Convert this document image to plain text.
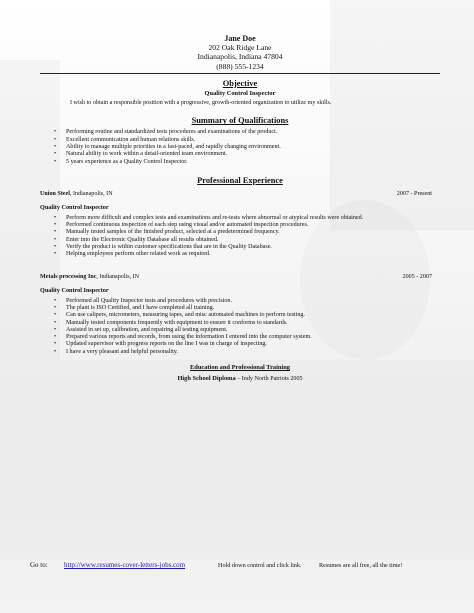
Jane Doe
202 Oak Ridge Lane
Indianapolis, Indiana 47804
(888) 555-1234
Objective
Quality Control Inspector
I wish to obtain a responsible position with a progressive, growth-oriented organization to utilize my skills.
Summary of Qualifications
• Performing routine and standardized tests procedures and examinations of the product.
• Excellent communication and human relations skills.
• Ability to manage multiple priorities in a fast-paced, and rapidly changing environment.
• Natural ability to work within a detail-oriented team environment.
• 5 years experience as a Quality Control Inspector.
Professional Experience
Union Steel, Indianapolis, IN	2007 - Present
Quality Control Inspector
• Perform more difficult and complex tests and examinations and re-tests where abnormal or atypical results were obtained.
• Performed continuous inspection of each step using visual and/or automated inspection procedures.
• Manually tested samples of the finished product, selected at a predetermined frequency.
• Enter into the Electronic Quality Database all results obtained.
• Verify the product is within customer specifications that are in the Quality Database.
• Helping employees perform other related work as required.
Metals processing Inc, Indianapolis, IN	2005 - 2007
Quality Control Inspector
• Performed all Quality Inspector tests and procedures with precision.
• The plant is ISO Certified, and I have completed all training.
• Can use calipers, micrometers, measuring tapes, and misc automated machines to perform testing.
• Manually tested components frequently with equipment to ensure it conforms to standards.
• Assisted in set up, calibration, and repairing all testing equipment.
• Prepared various reports and records, from using the information I entered into the computer system.
• Updated supervisor with progress reports on the line I was in charge of inspecting.
• I have a very pleasant and helpful personality.
Education and Professional Training
High School Diploma – Indy North Patriots 2005
Go to: http://www.resumes-cover-letters-jobs.com	Hold down control and click link.	Resumes are all free, all the time!
